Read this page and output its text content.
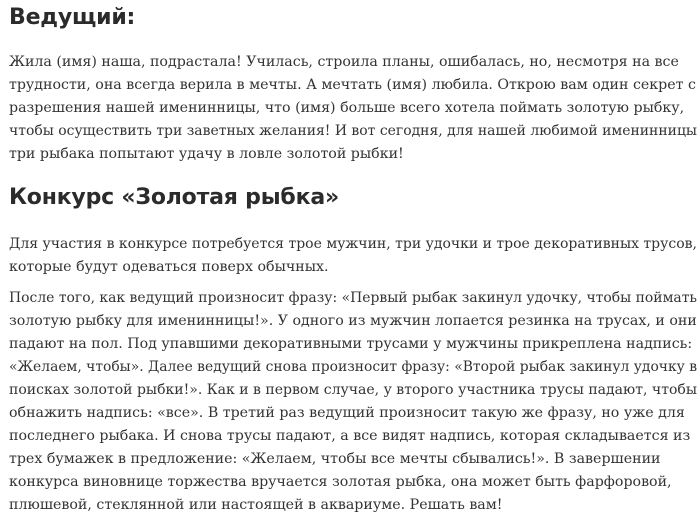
Ведущий:

Жила (имя) наша, подрастала! Училась, строила планы, ошибалась, но, несмотря на все
трудности, она всегда верила в мечты. А мечтать (имя) любила. Открою вам один секрет с
разрешения нашей именинницы, что (имя) больше всего хотела поймать золотую рыбку,
чтобы осуществить три заветных желания! И вот сегодня, для нашей любимой именинницы
три рыбака попытают удачу в ловле золотой рыбки!

Конкурс «Золотая рыбка»

Для участия в конкурсе потребуется трое мужчин, три удочки и трое декоративных трусов,
которые будут одеваться поверх обычных.

После того, как ведущий произносит фразу: «Первый рыбак закинул удочку, чтобы поймать
золотую рыбку для именинницы!». У одного из мужчин лопается резинка на трусах, и они
падают на пол. Под упавшими декоративными трусами у мужчины прикреплена надпись:
«Желаем, чтобы». Далее ведущий снова произносит фразу: «Второй рыбак закинул удочку в
поисках золотой рыбки!». Как и в первом случае, у второго участника трусы падают, чтобы
обнажить надпись: «все». В третий раз ведущий произносит такую же фразу, но уже для
последнего рыбака. И снова трусы падают, а все видят надпись, которая складывается из
трех бумажек в предложение: «Желаем, чтобы все мечты сбывались!». В завершении
конкурса виновнице торжества вручается золотая рыбка, она может быть фарфоровой,
плюшевой, стеклянной или настоящей в аквариуме. Решать вам!
